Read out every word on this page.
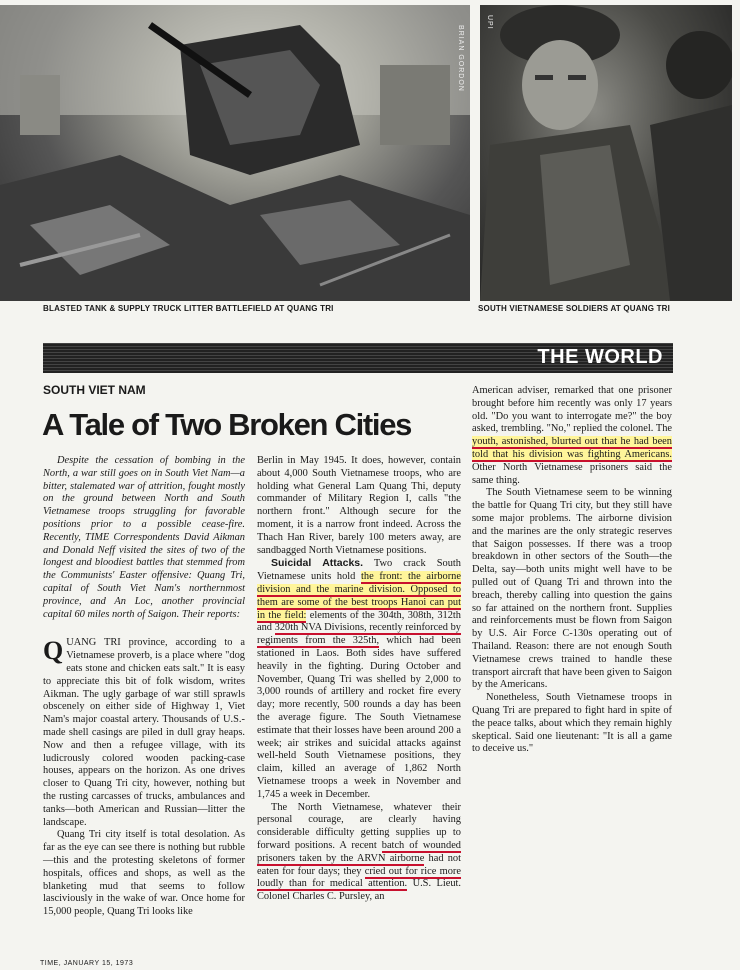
BRIAN GORDON
UPI
BLASTED TANK & SUPPLY TRUCK LITTER BATTLEFIELD AT QUANG TRI	SOUTH VIETNAMESE SOLDIERS AT QUANG TRI
THE WORLD
SOUTH VIET NAM
A Tale of Two Broken Cities

Despite the cessation of bombing in the North, a war still goes on in South Viet Nam—a bitter, stalemated war of attrition, fought mostly on the ground between North and South Vietnamese troops struggling for favorable positions prior to a possible cease-fire. Recently, TIME Correspondents David Aikman and Donald Neff visited the sites of two of the longest and bloodiest battles that stemmed from the Communists' Easter offensive: Quang Tri, capital of South Viet Nam's northernmost province, and An Loc, another provincial capital 60 miles north of Saigon. Their reports:

QUANG TRI province, according to a Vietnamese proverb, is a place where "dog eats stone and chicken eats salt." It is easy to appreciate this bit of folk wisdom, writes Aikman. The ugly garbage of war still sprawls obscenely on either side of Highway 1, Viet Nam's major coastal artery. Thousands of U.S.-made shell casings are piled in dull gray heaps. Now and then a refugee village, with its ludicrously colored wooden packing-case houses, appears on the horizon. As one drives closer to Quang Tri city, however, nothing but the rusting carcasses of trucks, ambulances and tanks—both American and Russian—litter the landscape.

Quang Tri city itself is total desolation. As far as the eye can see there is nothing but rubble—this and the protesting skeletons of former hospitals, offices and shops, as well as the blanketing mud that seems to follow lasciviously in the wake of war. Once home for 15,000 people, Quang Tri looks like

Berlin in May 1945. It does, however, contain about 4,000 South Vietnamese troops, who are holding what General Lam Quang Thi, deputy commander of Military Region I, calls "the northern front." Although secure for the moment, it is a narrow front indeed. Across the Thach Han River, barely 100 meters away, are sandbagged North Vietnamese positions.

Suicidal Attacks. Two crack South Vietnamese units hold the front: the airborne division and the marine division. Opposed to them are some of the best troops Hanoi can put in the field: elements of the 304th, 308th, 312th and 320th NVA Divisions, recently reinforced by regiments from the 325th, which had been stationed in Laos. Both sides have suffered heavily in the fighting. During October and November, Quang Tri was shelled by 2,000 to 3,000 rounds of artillery and rocket fire every day; more recently, 500 rounds a day has been the average figure. The South Vietnamese estimate that their losses have been around 200 a week; air strikes and suicidal attacks against well-held South Vietnamese positions, they claim, killed an average of 1,862 North Vietnamese troops a week in November and 1,745 a week in December.

The North Vietnamese, whatever their personal courage, are clearly having considerable difficulty getting supplies up to forward positions. A recent batch of wounded prisoners taken by the ARVN airborne had not eaten for four days; they cried out for rice more loudly than for medical attention. U.S. Lieut. Colonel Charles C. Pursley, an

American adviser, remarked that one prisoner brought before him recently was only 17 years old. "Do you want to interrogate me?" the boy asked, trembling. "No," replied the colonel. The youth, astonished, blurted out that he had been told that his division was fighting Americans. Other North Vietnamese prisoners said the same thing.

The South Vietnamese seem to be winning the battle for Quang Tri city, but they still have some major problems. The airborne division and the marines are the only strategic reserves that Saigon possesses. If there was a troop breakdown in other sectors of the South—the Delta, say—both units might well have to be pulled out of Quang Tri and thrown into the breach, thereby calling into question the gains so far attained on the northern front. Supplies and reinforcements must be flown from Saigon by U.S. Air Force C-130s operating out of Thailand. Reason: there are not enough South Vietnamese crews trained to handle these transport aircraft that have been given to Saigon by the Americans.

Nonetheless, South Vietnamese troops in Quang Tri are prepared to fight hard in spite of the peace talks, about which they remain highly skeptical. Said one lieutenant: "It is all a game to deceive us."

TIME, JANUARY 15, 1973
